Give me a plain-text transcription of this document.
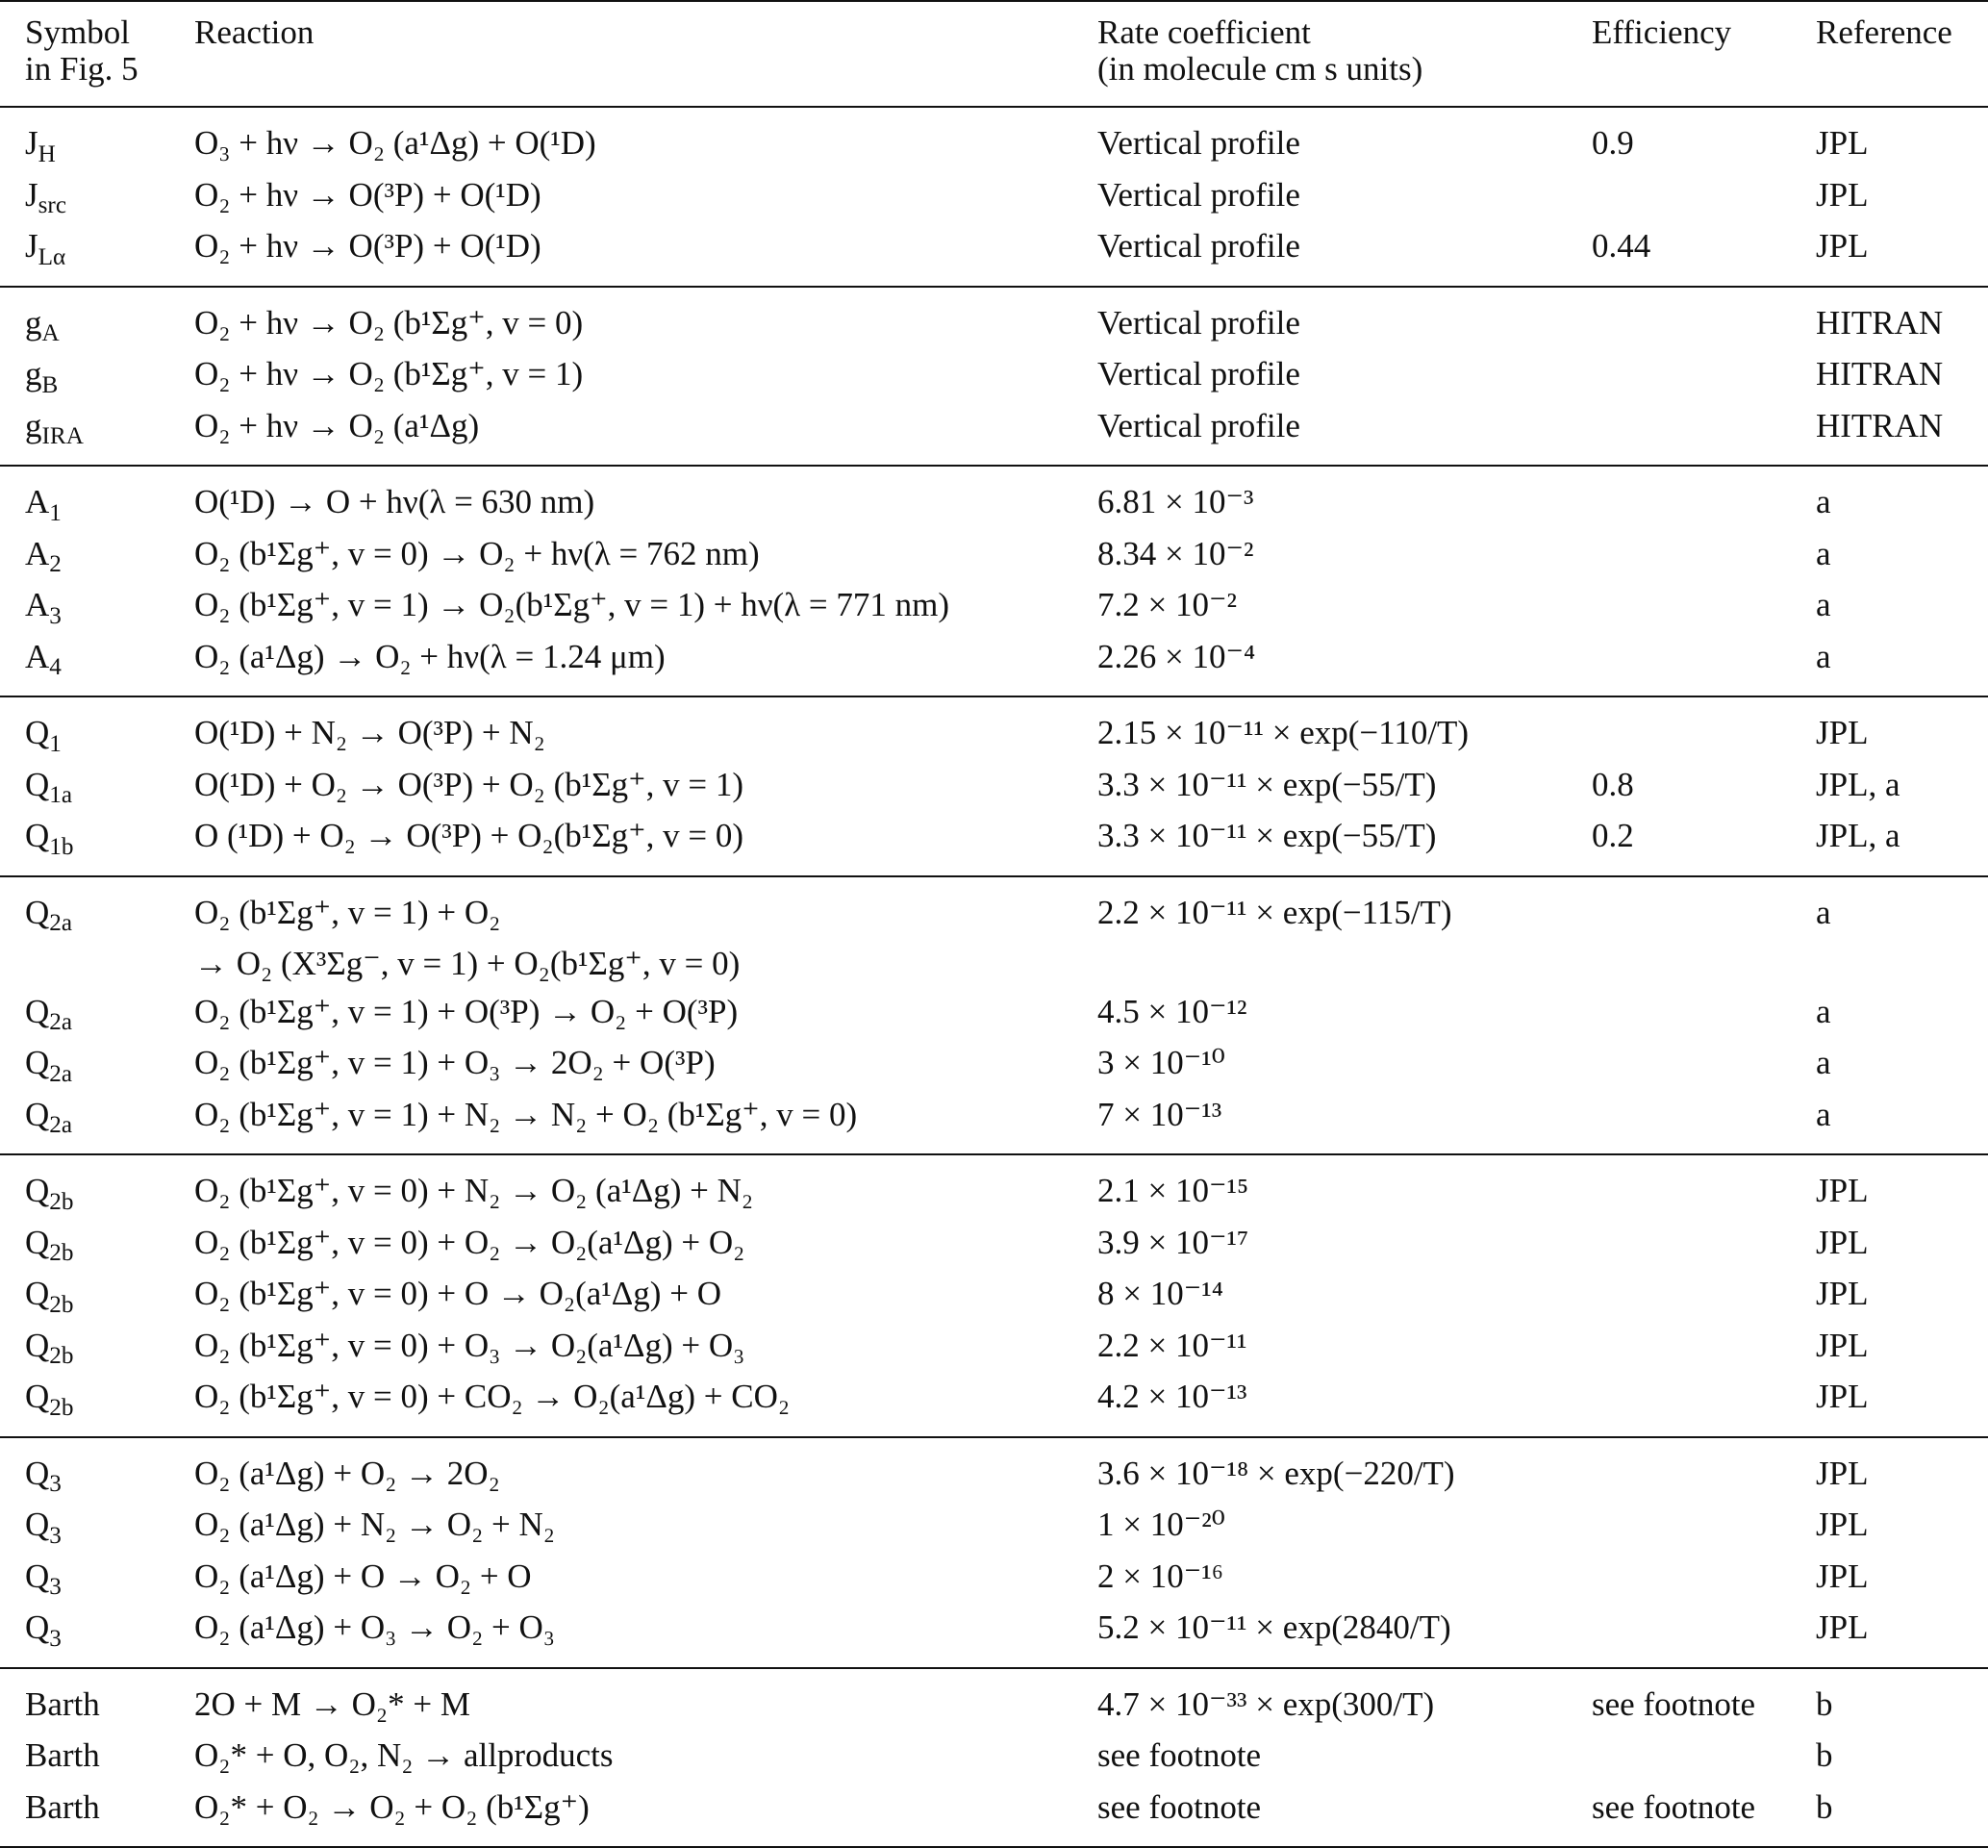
Symbol	Reaction	Rate coefficient	Efficiency	Reference
in Fig. 5		(in molecule cm s units)		
$J_H$	O₃ + hν → O₂ (a¹Δg) + O(¹D)	Vertical profile	0.9	JPL
$J_{src}$	O₂ + hν → O(³P) + O(¹D)	Vertical profile		JPL
$J_{L\alpha}$	O₂ + hν → O(³P) + O(¹D)	Vertical profile	0.44	JPL
$g_A$	O₂ + hν → O₂ (b¹Σg⁺, v = 0)	Vertical profile		HITRAN
$g_B$	O₂ + hν → O₂ (b¹Σg⁺, v = 1)	Vertical profile		HITRAN
$g_{IRA}$	O₂ + hν → O₂ (a¹Δg)	Vertical profile		HITRAN
$A_1$	O(¹D) → O + hν(λ = 630 nm)	6.81 × 10⁻³		a
$A_2$	O₂ (b¹Σg⁺, v = 0) → O₂ + hν(λ = 762 nm)	8.34 × 10⁻²		a
$A_3$	O₂ (b¹Σg⁺, v = 1) → O₂(b¹Σg⁺, v = 1) + hν(λ = 771 nm)	7.2 × 10⁻²		a
$A_4$	O₂ (a¹Δg) → O₂ + hν(λ = 1.24 μm)	2.26 × 10⁻⁴		a
$Q_1$	O(¹D) + N₂ → O(³P) + N₂	2.15 × 10⁻¹¹ × exp(−110/T)		JPL
$Q_{1a}$	O(¹D) + O₂ → O(³P) + O₂ (b¹Σg⁺, v = 1)	3.3 × 10⁻¹¹ × exp(−55/T)	0.8	JPL, a
$Q_{1b}$	O (¹D) + O₂ → O(³P) + O₂(b¹Σg⁺, v = 0)	3.3 × 10⁻¹¹ × exp(−55/T)	0.2	JPL, a
$Q_{2a}$	O₂ (b¹Σg⁺, v = 1) + O₂	2.2 × 10⁻¹¹ × exp(−115/T)		a
	→ O₂ (X³Σg⁻, v = 1) + O₂(b¹Σg⁺, v = 0)			
$Q_{2a}$	O₂ (b¹Σg⁺, v = 1) + O(³P) → O₂ + O(³P)	4.5 × 10⁻¹²		a
$Q_{2a}$	O₂ (b¹Σg⁺, v = 1) + O₃ → 2O₂ + O(³P)	3 × 10⁻¹⁰		a
$Q_{2a}$	O₂ (b¹Σg⁺, v = 1) + N₂ → N₂ + O₂ (b¹Σg⁺, v = 0)	7 × 10⁻¹³		a
$Q_{2b}$	O₂ (b¹Σg⁺, v = 0) + N₂ → O₂ (a¹Δg) + N₂	2.1 × 10⁻¹⁵		JPL
$Q_{2b}$	O₂ (b¹Σg⁺, v = 0) + O₂ → O₂(a¹Δg) + O₂	3.9 × 10⁻¹⁷		JPL
$Q_{2b}$	O₂ (b¹Σg⁺, v = 0) + O → O₂(a¹Δg) + O	8 × 10⁻¹⁴		JPL
$Q_{2b}$	O₂ (b¹Σg⁺, v = 0) + O₃ → O₂(a¹Δg) + O₃	2.2 × 10⁻¹¹		JPL
$Q_{2b}$	O₂ (b¹Σg⁺, v = 0) + CO₂ → O₂(a¹Δg) + CO₂	4.2 × 10⁻¹³		JPL
$Q_3$	O₂ (a¹Δg) + O₂ → 2O₂	3.6 × 10⁻¹⁸ × exp(−220/T)		JPL
$Q_3$	O₂ (a¹Δg) + N₂ → O₂ + N₂	1 × 10⁻²⁰		JPL
$Q_3$	O₂ (a¹Δg) + O → O₂ + O	2 × 10⁻¹⁶		JPL
$Q_3$	O₂ (a¹Δg) + O₃ → O₂ + O₃	5.2 × 10⁻¹¹ × exp(2840/T)		JPL
Barth	2O + M → O₂* + M	4.7 × 10⁻³³ × exp(300/T)	see footnote	b
Barth	O₂* + O, O₂, N₂ → allproducts	see footnote		b
Barth	O₂* + O₂ → O₂ + O₂ (b¹Σg⁺)	see footnote	see footnote	b
